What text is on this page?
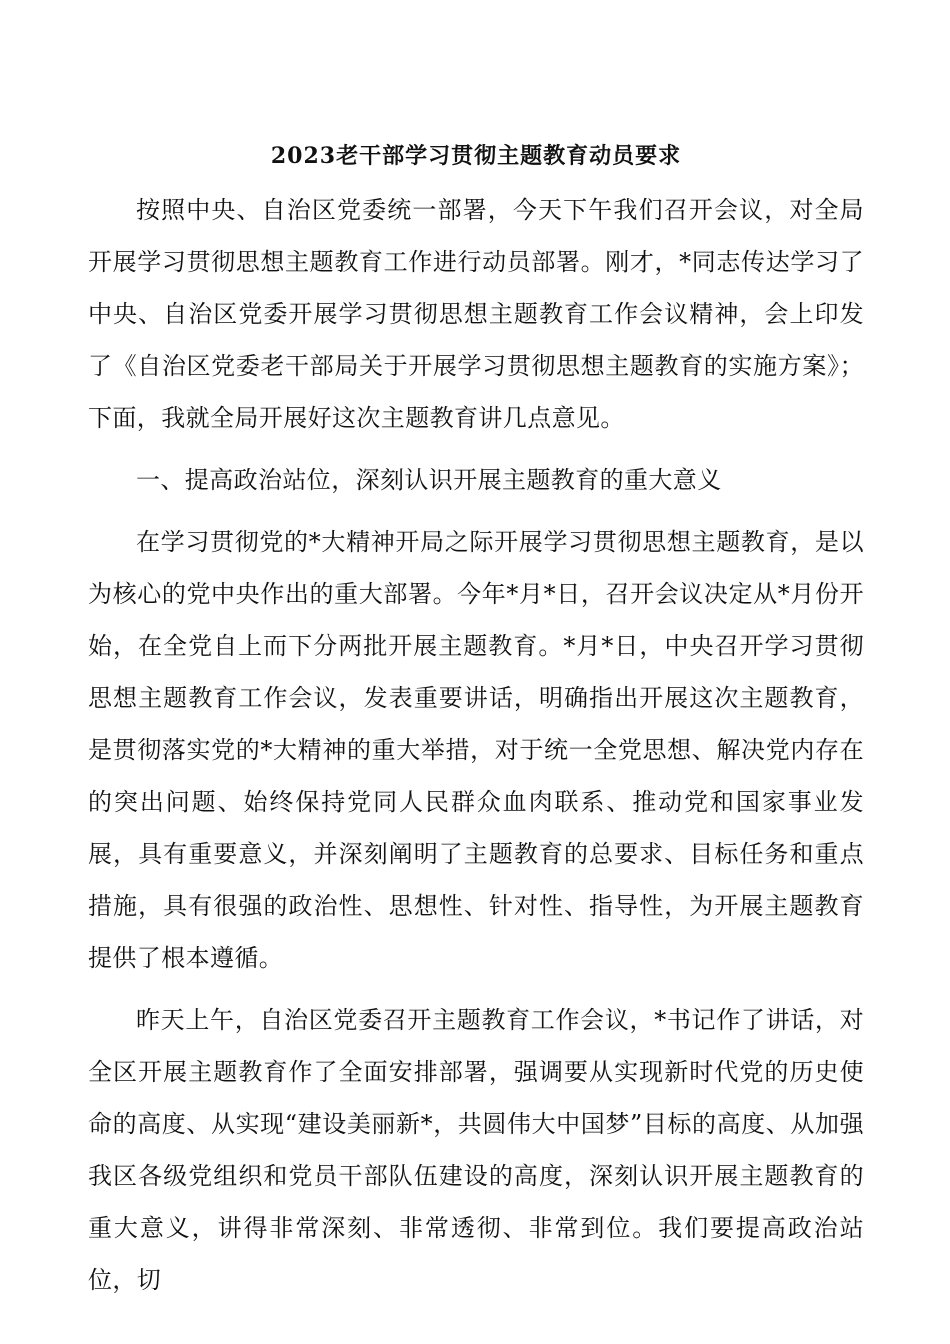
2023老干部学习贯彻主题教育动员要求

按照中央、自治区党委统一部署，今天下午我们召开会议，对全局开展学习贯彻思想主题教育工作进行动员部署。刚才，*同志传达学习了中央、自治区党委开展学习贯彻思想主题教育工作会议精神，会上印发了《自治区党委老干部局关于开展学习贯彻思想主题教育的实施方案》；下面，我就全局开展好这次主题教育讲几点意见。

一、提高政治站位，深刻认识开展主题教育的重大意义

在学习贯彻党的*大精神开局之际开展学习贯彻思想主题教育，是以为核心的党中央作出的重大部署。今年*月*日，召开会议决定从*月份开始，在全党自上而下分两批开展主题教育。*月*日，中央召开学习贯彻思想主题教育工作会议，发表重要讲话，明确指出开展这次主题教育，是贯彻落实党的*大精神的重大举措，对于统一全党思想、解决党内存在的突出问题、始终保持党同人民群众血肉联系、推动党和国家事业发展，具有重要意义，并深刻阐明了主题教育的总要求、目标任务和重点措施，具有很强的政治性、思想性、针对性、指导性，为开展主题教育提供了根本遵循。

昨天上午，自治区党委召开主题教育工作会议，*书记作了讲话，对全区开展主题教育作了全面安排部署，强调要从实现新时代党的历史使命的高度、从实现“建设美丽新*，共圆伟大中国梦”目标的高度、从加强我区各级党组织和党员干部队伍建设的高度，深刻认识开展主题教育的重大意义，讲得非常深刻、非常透彻、非常到位。我们要提高政治站位，切
